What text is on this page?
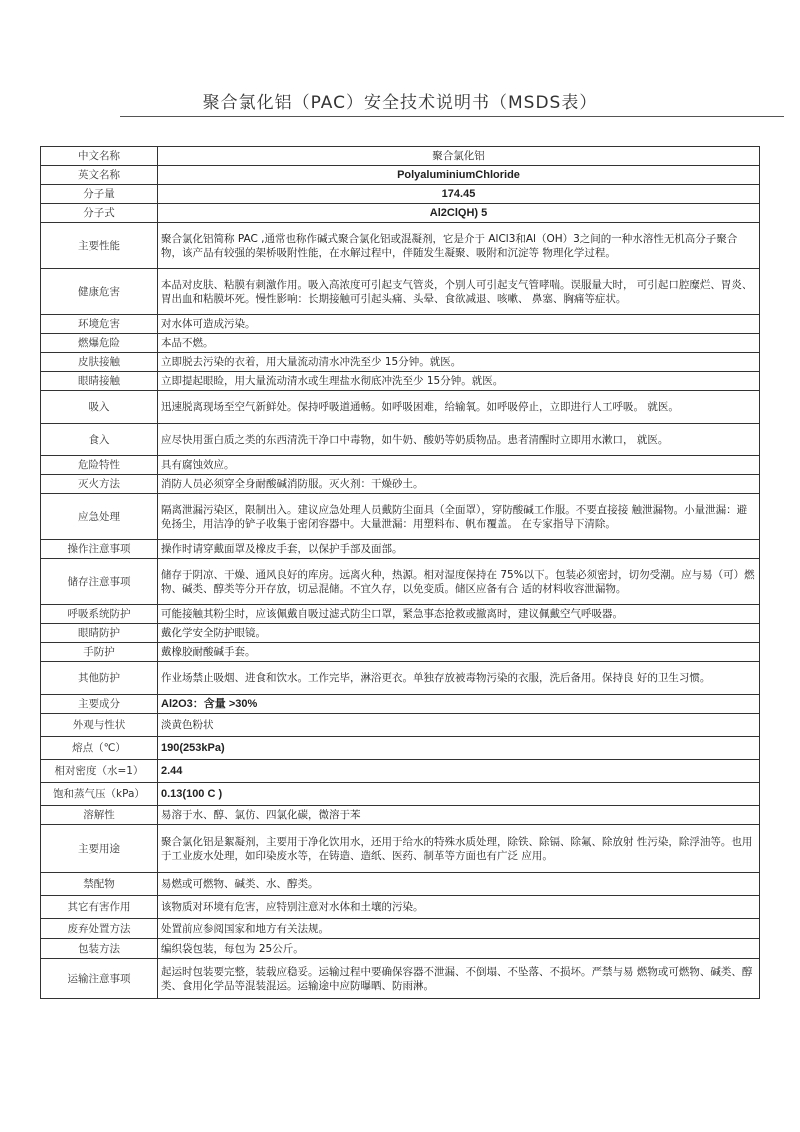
聚合氯化铝（PAC）安全技术说明书（MSDS表）
中文名称	聚合氯化铝
英文名称	PolyaluminiumChloride
分子量	174.45
分子式	Al2ClQH) 5
主要性能	聚合氯化铝简称 PAC ,通常也称作碱式聚合氯化铝或混凝剂，它是介于 AlCl3和Al（OH）3之间的一种水溶性无机高分子聚合物，该产品有较强的架桥吸附性能，在水解过程中，伴随发生凝聚、吸附和沉淀等 物理化学过程。
健康危害	本品对皮肤、粘膜有刺激作用。吸入高浓度可引起支气管炎，个别人可引起支气管哮喘。误服量大时， 可引起口腔糜烂、胃炎、胃出血和粘膜坏死。慢性影响：长期接触可引起头痛、头晕、食欲减退、咳嗽、 鼻塞、胸痛等症状。
环境危害	对水体可造成污染。
燃爆危险	本品不燃。
皮肤接触	立即脱去污染的衣着，用大量流动清水冲洗至少 15分钟。就医。
眼睛接触	立即提起眼睑，用大量流动清水或生理盐水彻底冲洗至少 15分钟。就医。
吸入	迅速脱离现场至空气新鲜处。保持呼吸道通畅。如呼吸困难，给输氧。如呼吸停止，立即进行人工呼吸。 就医。
食入	应尽快用蛋白质之类的东西清洗干净口中毒物，如牛奶、酸奶等奶质物品。患者清醒时立即用水漱口， 就医。
危险特性	具有腐蚀效应。
灭火方法	消防人员必须穿全身耐酸碱消防服。灭火剂：干燥砂土。
应急处理	隔离泄漏污染区，限制出入。建议应急处理人员戴防尘面具（全面罩），穿防酸碱工作服。不要直接接 触泄漏物。小量泄漏：避免扬尘，用洁净的铲子收集于密闭容器中。大量泄漏：用塑料布、帆布覆盖。 在专家指导下清除。
操作注意事项	操作时请穿戴面罩及橡皮手套，以保护手部及面部。
储存注意事项	储存于阴凉、干燥、通风良好的库房。远离火种，热源。相对湿度保持在 75%以下。包装必须密封，切勿受潮。应与易（可）燃物、碱类、醇类等分开存放，切忌混储。不宜久存，以免变质。储区应备有合 适的材料收容泄漏物。
呼吸系统防护	可能接触其粉尘时，应该佩戴自吸过滤式防尘口罩，紧急事态抢救或撤离时，建议佩戴空气呼吸器。
眼睛防护	戴化学安全防护眼镜。
手防护	戴橡胶耐酸碱手套。
其他防护	作业场禁止吸烟、进食和饮水。工作完毕，淋浴更衣。单独存放被毒物污染的衣服，洗后备用。保持良 好的卫生习惯。
主要成分	Al2O3：含量 >30%
外观与性状	淡黄色粉状
熔点（℃）	190(253kPa)
相对密度（水=1）	2.44
饱和蒸气压（kPa）	0.13(100 C )
溶解性	易溶于水、醇、氯仿、四氯化碳，微溶于苯
主要用途	聚合氯化铝是絮凝剂，主要用于净化饮用水，还用于给水的特殊水质处理，除铁、除镉、除氟、除放射 性污染，除浮油等。也用于工业废水处理，如印染废水等，在铸造、造纸、医药、制革等方面也有广泛 应用。
禁配物	易燃或可燃物、碱类、水、醇类。
其它有害作用	该物质对环境有危害，应特别注意对水体和土壤的污染。
废弃处置方法	处置前应参阅国家和地方有关法规。
包装方法	编织袋包装，每包为 25公斤。
运输注意事项	起运时包装要完整，装载应稳妥。运输过程中要确保容器不泄漏、不倒塌、不坠落、不损坏。严禁与易 燃物或可燃物、碱类、醇类、食用化学品等混装混运。运输途中应防曝晒、防雨淋。
